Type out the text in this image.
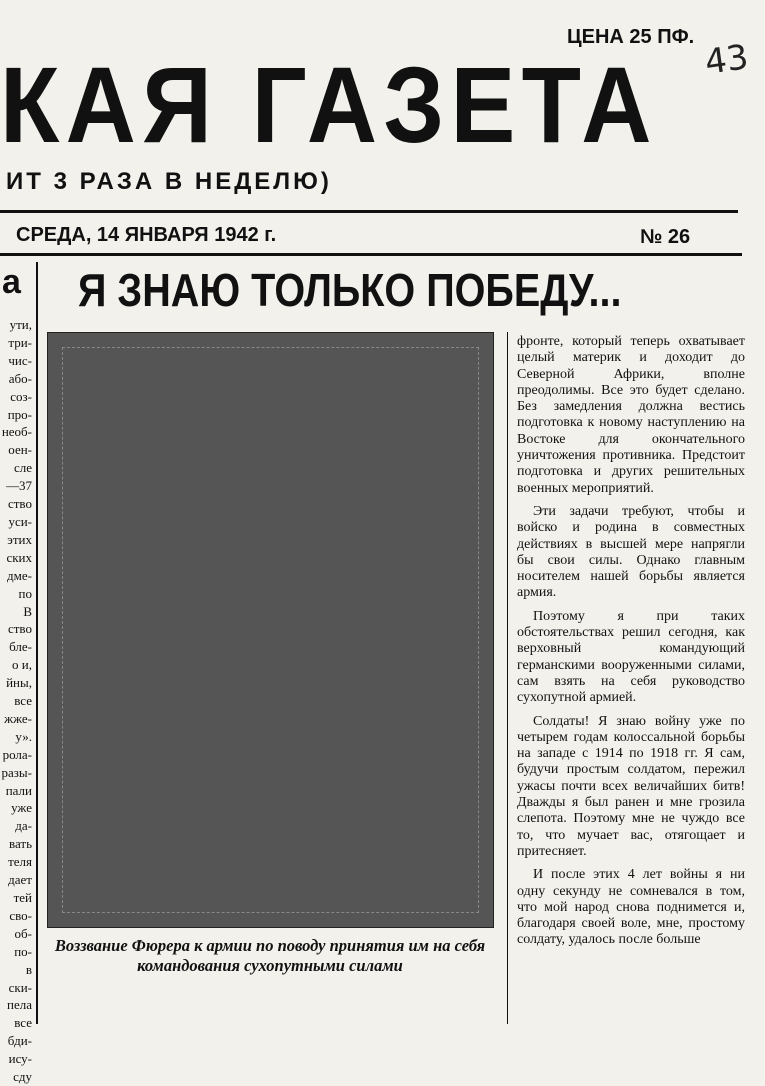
КАЯ ГАЗЕТА
ИТ 3 РАЗА В НЕДЕЛЮ)
ЦЕНА 25 ПФ.
43
СРЕДА, 14 ЯНВАРЯ 1942 г.	№ 26
а
ути,
три-
чис-
або-
соз-
про-
необ-
оен-
сле
—37
ство
уси-
этих
ских
дме-
по
В
ство
бле-
о и,
йны,
все
жже-
у».
рола-
разы-
пали
уже
да-
вать
теля
дает
тей
сво-
об-
по-
в
ски-
пела
все
бди-
ису-
сду
Я ЗНАЮ ТОЛЬКО ПОБЕДУ...
Воззвание Фюрера к армии по поводу принятия им на себя командования сухопутными силами

фронте, который теперь охватывает целый материк и доходит до Северной Африки, вполне преодолимы. Все это будет сделано. Без замедления должна вестись подготовка к новому наступлению на Востоке для окончательного уничтожения противника. Предстоит подготовка и других решительных военных мероприятий.

Эти задачи требуют, чтобы и войско и родина в совместных действиях в высшей мере напрягли бы свои силы. Однако главным носителем нашей борьбы является армия.

Поэтому я при таких обстоятельствах решил сегодня, как верховный командующий германскими вооруженными силами, сам взять на себя руководство сухопутной армией.

Солдаты! Я знаю войну уже по четырем годам колоссальной борьбы на западе с 1914 по 1918 гг. Я сам, будучи простым солдатом, пережил ужасы почти всех величайших битв! Дважды я был ранен и мне грозила слепота. Поэтому мне не чуждо все то, что мучает вас, отягощает и притесняет.

И после этих 4 лет войны я ни одну секунду не сомневался в том, что мой народ снова поднимется и, благодаря своей воле, мне, простому солдату, удалось после больше
